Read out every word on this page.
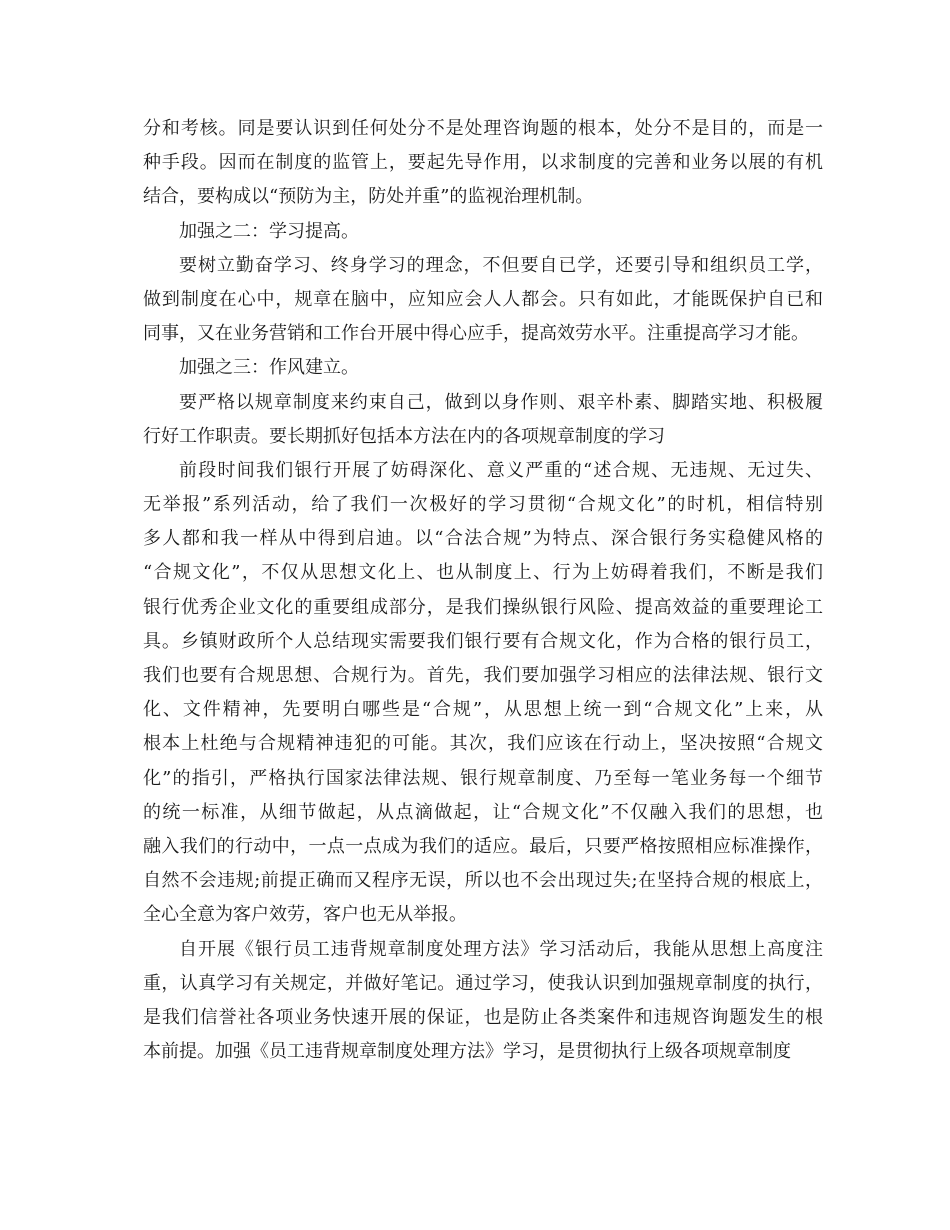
分和考核。同是要认识到任何处分不是处理咨询题的根本，处分不是目的，而是一
种手段。因而在制度的监管上，要起先导作用，以求制度的完善和业务以展的有机
结合，要构成以“预防为主，防处并重”的监视治理机制。
加强之二：学习提高。
要树立勤奋学习、终身学习的理念，不但要自已学，还要引导和组织员工学，
做到制度在心中，规章在脑中，应知应会人人都会。只有如此，才能既保护自已和
同事，又在业务营销和工作台开展中得心应手，提高效劳水平。注重提高学习才能。
加强之三：作风建立。
要严格以规章制度来约束自己，做到以身作则、艰辛朴素、脚踏实地、积极履
行好工作职责。要长期抓好包括本方法在内的各项规章制度的学习
前段时间我们银行开展了妨碍深化、意义严重的“述合规、无违规、无过失、
无举报”系列活动，给了我们一次极好的学习贯彻“合规文化”的时机，相信特别
多人都和我一样从中得到启迪。以“合法合规”为特点、深合银行务实稳健风格的
“合规文化”，不仅从思想文化上、也从制度上、行为上妨碍着我们，不断是我们
银行优秀企业文化的重要组成部分，是我们操纵银行风险、提高效益的重要理论工
具。乡镇财政所个人总结现实需要我们银行要有合规文化，作为合格的银行员工，
我们也要有合规思想、合规行为。首先，我们要加强学习相应的法律法规、银行文
化、文件精神，先要明白哪些是“合规”，从思想上统一到“合规文化”上来，从
根本上杜绝与合规精神违犯的可能。其次，我们应该在行动上，坚决按照“合规文
化”的指引，严格执行国家法律法规、银行规章制度、乃至每一笔业务每一个细节
的统一标准，从细节做起，从点滴做起，让“合规文化”不仅融入我们的思想，也
融入我们的行动中，一点一点成为我们的适应。最后，只要严格按照相应标准操作，
自然不会违规;前提正确而又程序无误，所以也不会出现过失;在坚持合规的根底上，
全心全意为客户效劳，客户也无从举报。
自开展《银行员工违背规章制度处理方法》学习活动后，我能从思想上高度注
重，认真学习有关规定，并做好笔记。通过学习，使我认识到加强规章制度的执行，
是我们信誉社各项业务快速开展的保证，也是防止各类案件和违规咨询题发生的根
本前提。加强《员工违背规章制度处理方法》学习，是贯彻执行上级各项规章制度
